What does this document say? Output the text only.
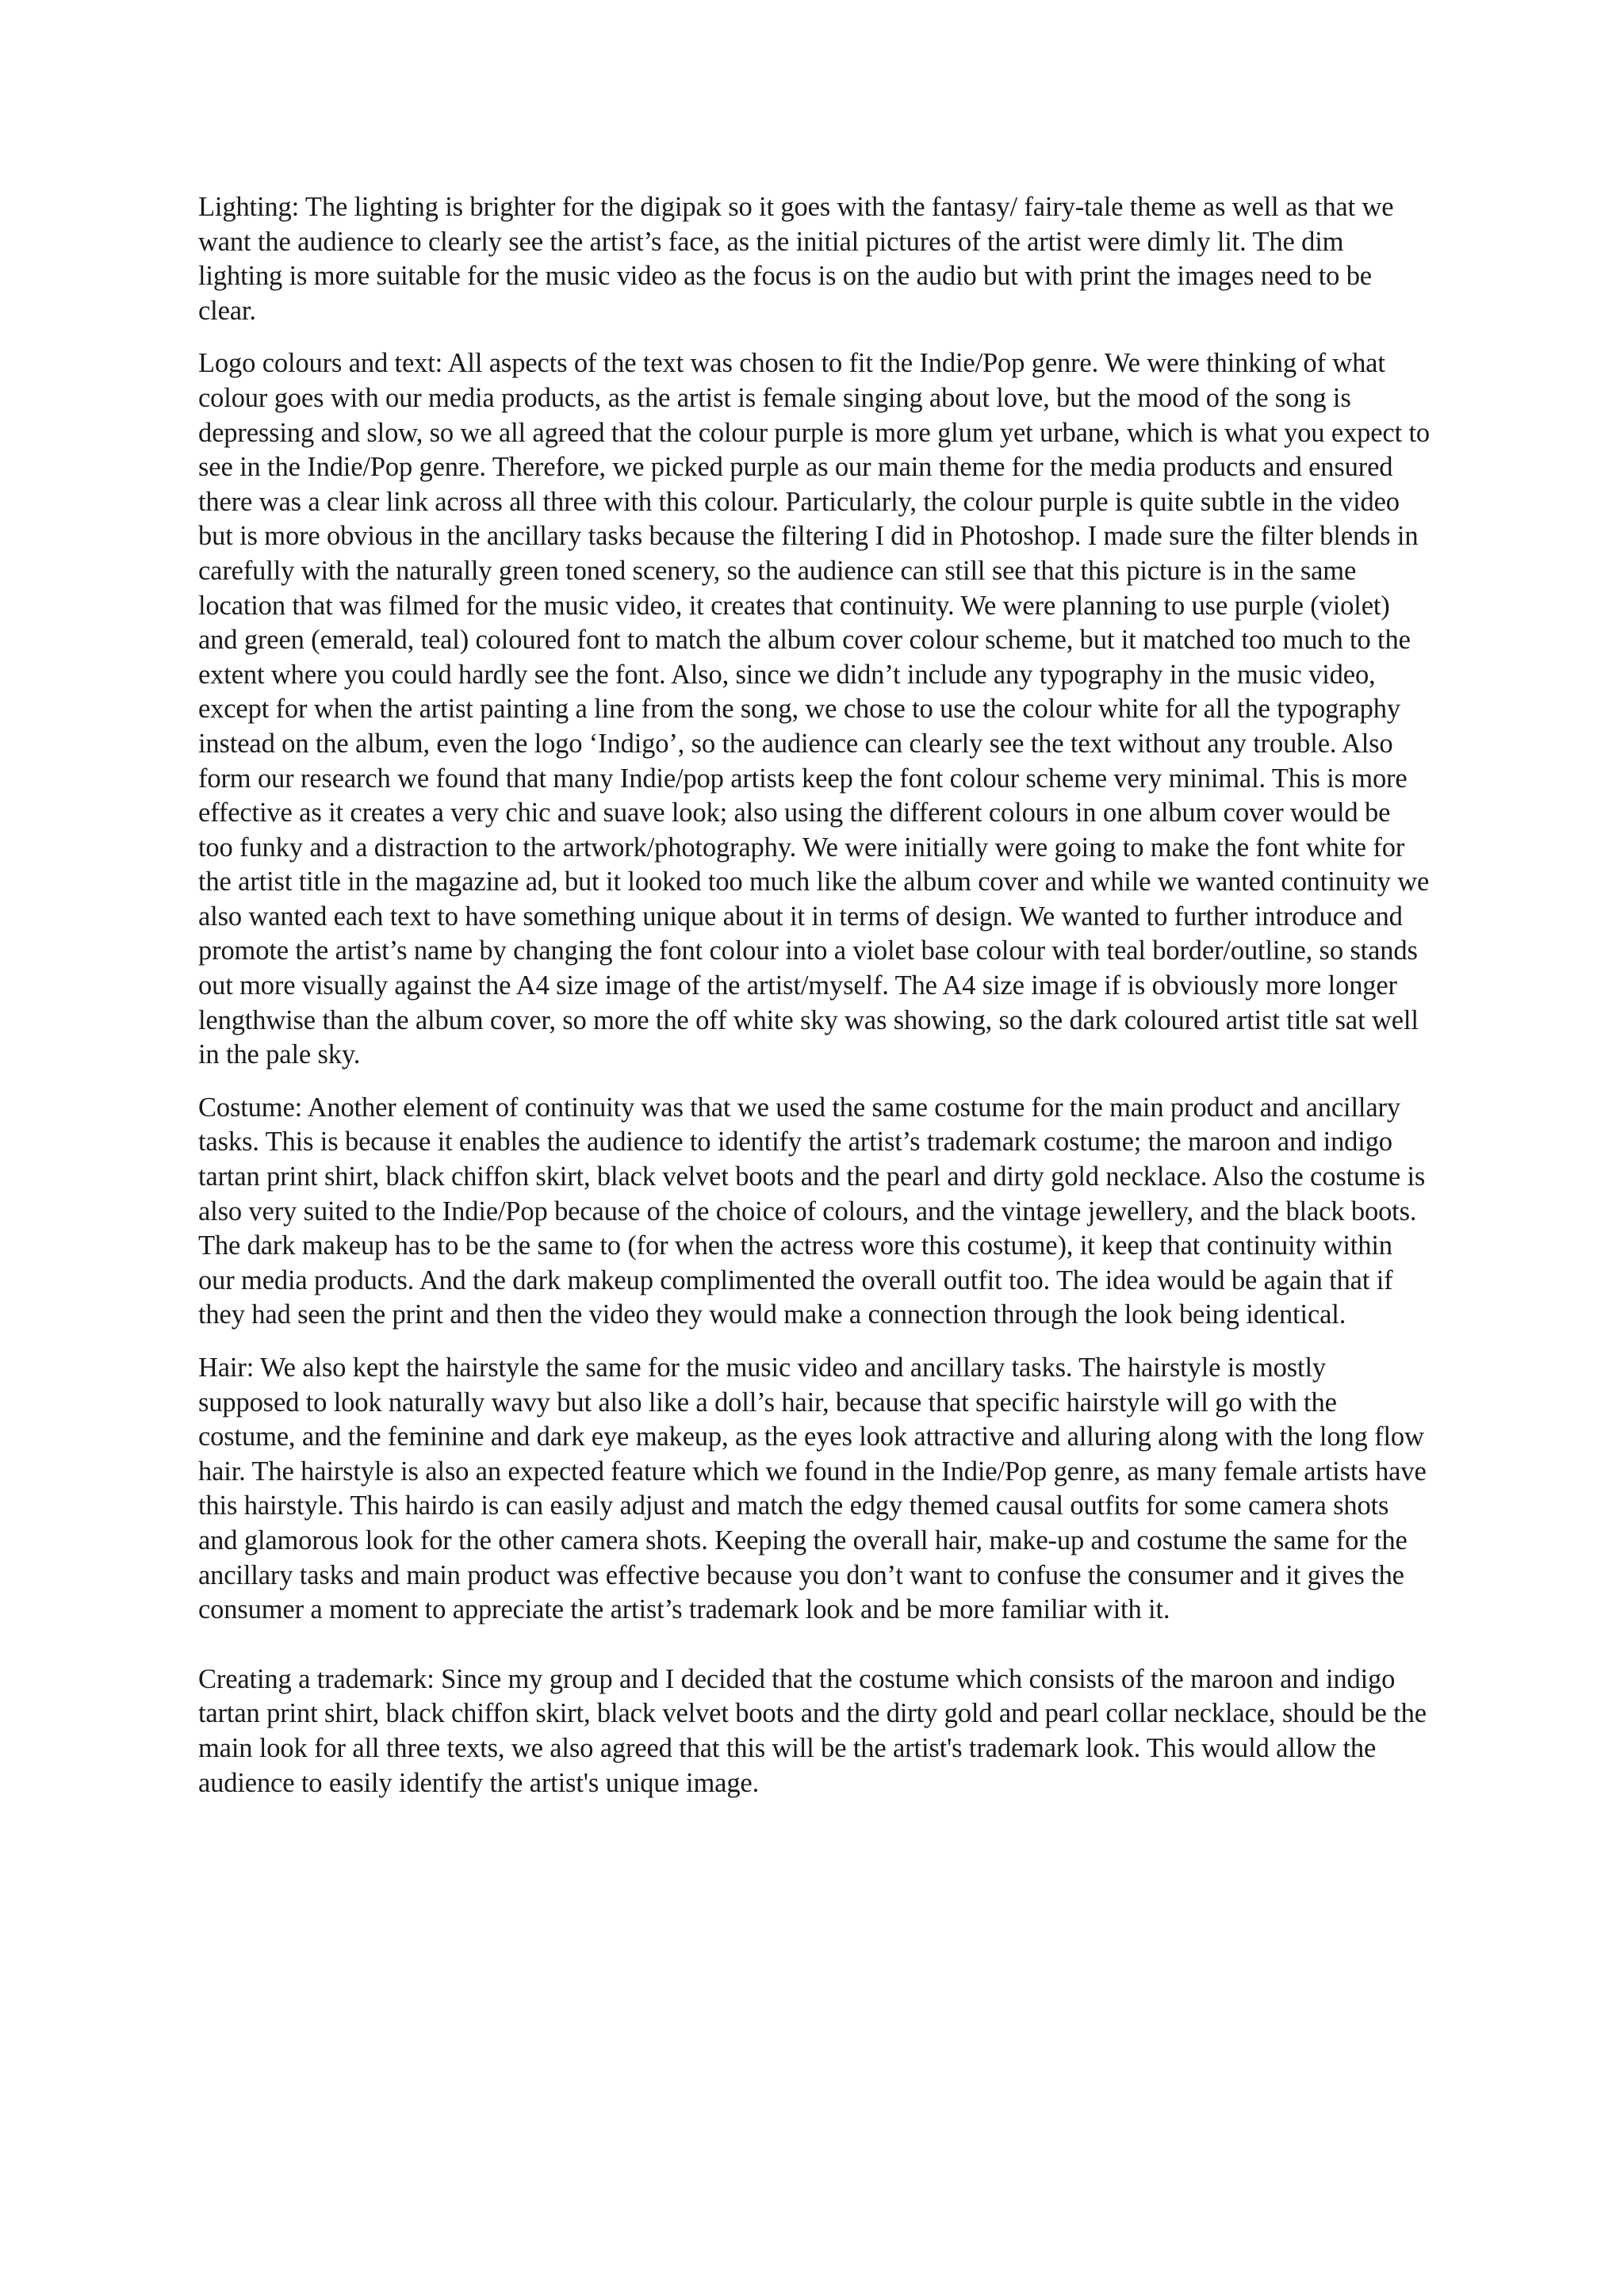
Lighting: The lighting is brighter for the digipak so it goes with the fantasy/ fairy-tale theme as well as that we want the audience to clearly see the artist’s face, as the initial pictures of the artist were dimly lit. The dim lighting is more suitable for the music video as the focus is on the audio but with print the images need to be clear.

Logo colours and text: All aspects of the text was chosen to fit the Indie/Pop genre. We were thinking of what colour goes with our media products, as the artist is female singing about love, but the mood of the song is depressing and slow, so we all agreed that the colour purple is more glum yet urbane, which is what you expect to see in the Indie/Pop genre. Therefore, we picked purple as our main theme for the media products and ensured there was a clear link across all three with this colour. Particularly, the colour purple is quite subtle in the video but is more obvious in the ancillary tasks because the filtering I did in Photoshop. I made sure the filter blends in carefully with the naturally green toned scenery, so the audience can still see that this picture is in the same location that was filmed for the music video, it creates that continuity. We were planning to use purple (violet) and green (emerald, teal) coloured font to match the album cover colour scheme, but it matched too much to the extent where you could hardly see the font. Also, since we didn’t include any typography in the music video, except for when the artist painting a line from the song, we chose to use the colour white for all the typography instead on the album, even the logo ‘Indigo’, so the audience can clearly see the text without any trouble. Also form our research we found that many Indie/pop artists keep the font colour scheme very minimal. This is more effective as it creates a very chic and suave look; also using the different colours in one album cover would be too funky and a distraction to the artwork/photography. We were initially were going to make the font white for the artist title in the magazine ad, but it looked too much like the album cover and while we wanted continuity we also wanted each text to have something unique about it in terms of design. We wanted to further introduce and promote the artist’s name by changing the font colour into a violet base colour with teal border/outline, so stands out more visually against the A4 size image of the artist/myself. The A4 size image if is obviously more longer lengthwise than the album cover, so more the off white sky was showing, so the dark coloured artist title sat well in the pale sky.

Costume: Another element of continuity was that we used the same costume for the main product and ancillary tasks. This is because it enables the audience to identify the artist’s trademark costume; the maroon and indigo tartan print shirt, black chiffon skirt, black velvet boots and the pearl and dirty gold necklace. Also the costume is also very suited to the Indie/Pop because of the choice of colours, and the vintage jewellery, and the black boots. The dark makeup has to be the same to (for when the actress wore this costume), it keep that continuity within our media products. And the dark makeup complimented the overall outfit too. The idea would be again that if they had seen the print and then the video they would make a connection through the look being identical.

Hair: We also kept the hairstyle the same for the music video and ancillary tasks. The hairstyle is mostly supposed to look naturally wavy but also like a doll’s hair, because that specific hairstyle will go with the costume, and the feminine and dark eye makeup, as the eyes look attractive and alluring along with the long flow hair. The hairstyle is also an expected feature which we found in the Indie/Pop genre, as many female artists have this hairstyle. This hairdo is can easily adjust and match the edgy themed causal outfits for some camera shots and glamorous look for the other camera shots. Keeping the overall hair, make-up and costume the same for the ancillary tasks and main product was effective because you don’t want to confuse the consumer and it gives the consumer a moment to appreciate the artist’s trademark look and be more familiar with it.

Creating a trademark: Since my group and I decided that the costume which consists of the maroon and indigo tartan print shirt, black chiffon skirt, black velvet boots and the dirty gold and pearl collar necklace, should be the main look for all three texts, we also agreed that this will be the artist's trademark look. This would allow the audience to easily identify the artist's unique image.
